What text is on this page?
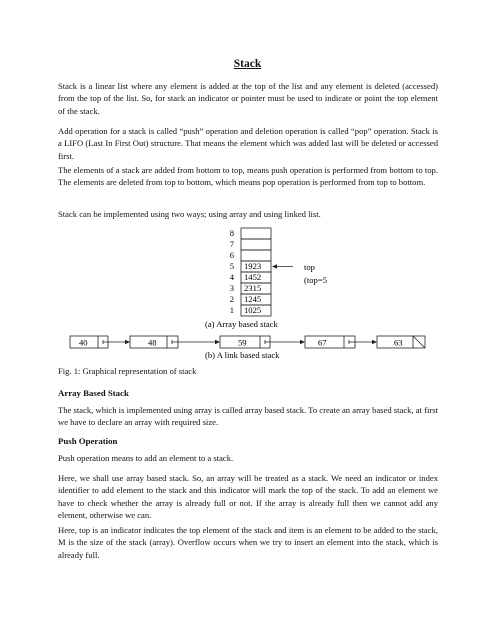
Stack

Stack is a linear list where any element is added at the top of the list and any element is deleted (accessed) from the top of the list. So, for stack an indicator or pointer must be used to indicate or point the top element of the stack.

Add operation for a stack is called “push” operation and deletion operation is called “pop” operation. Stack is a LIFO (Last In First Out) structure. That means the element which was added last will be deleted or accessed first.

The elements of a stack are added from bottom to top, means push operation is performed from bottom to top. The elements are deleted from top to bottom, which means pop operation is performed from top to bottom.

Stack can be implemented using two ways; using array and using linked list.

8
7
6
5
4
3
2
1
1923
1452
2315
1245
1025
top
(top=5
(a) Array based stack
40	48	59	67	63
(b) A link based stack
Fig. 1: Graphical representation of stack
Array Based Stack

The stack, which is implemented using array is called array based stack. To create an array based stack, at first we have to declare an array with required size.

Push Operation

Push operation means to add an element to a stack.

Here, we shall use array based stack. So, an array will be treated as a stack. We need an indicator or index identifier to add element to the stack and this indicator will mark the top of the stack. To add an element we have to check whether the array is already full or not. If the array is already full then we cannot add any element, otherwise we can.

Here, top is an indicator indicates the top element of the stack and item is an element to be added to the stack, M is the size of the stack (array). Overflow occurs when we try to insert an element into the stack, which is already full.
